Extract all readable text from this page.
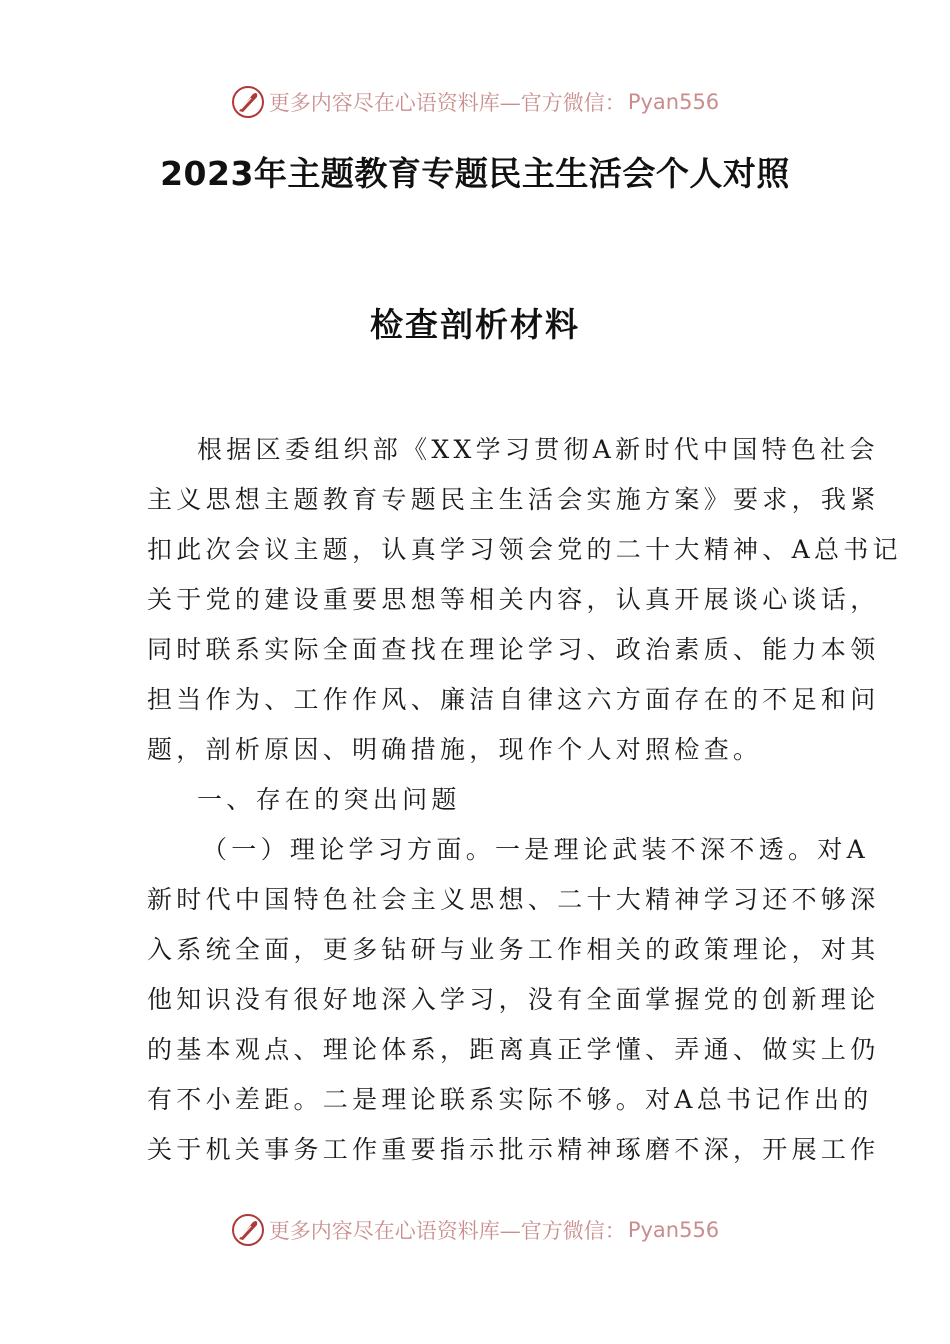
更多内容尽在心语资料库—官方微信： Pyan556
2023年主题教育专题民主生活会个人对照
检查剖析材料
根据区委组织部《XX学习贯彻A新时代中国特色社会
主义思想主题教育专题民主生活会实施方案》要求，我紧
扣此次会议主题，认真学习领会党的二十大精神、A总书记
关于党的建设重要思想等相关内容，认真开展谈心谈话，
同时联系实际全面查找在理论学习、政治素质、能力本领
担当作为、工作作风、廉洁自律这六方面存在的不足和问
题，剖析原因、明确措施，现作个人对照检查。
一、存在的突出问题
（一）理论学习方面。一是理论武装不深不透。对A
新时代中国特色社会主义思想、二十大精神学习还不够深
入系统全面，更多钻研与业务工作相关的政策理论，对其
他知识没有很好地深入学习，没有全面掌握党的创新理论
的基本观点、理论体系，距离真正学懂、弄通、做实上仍
有不小差距。二是理论联系实际不够。对A总书记作出的
关于机关事务工作重要指示批示精神琢磨不深，开展工作
更多内容尽在心语资料库—官方微信： Pyan556
